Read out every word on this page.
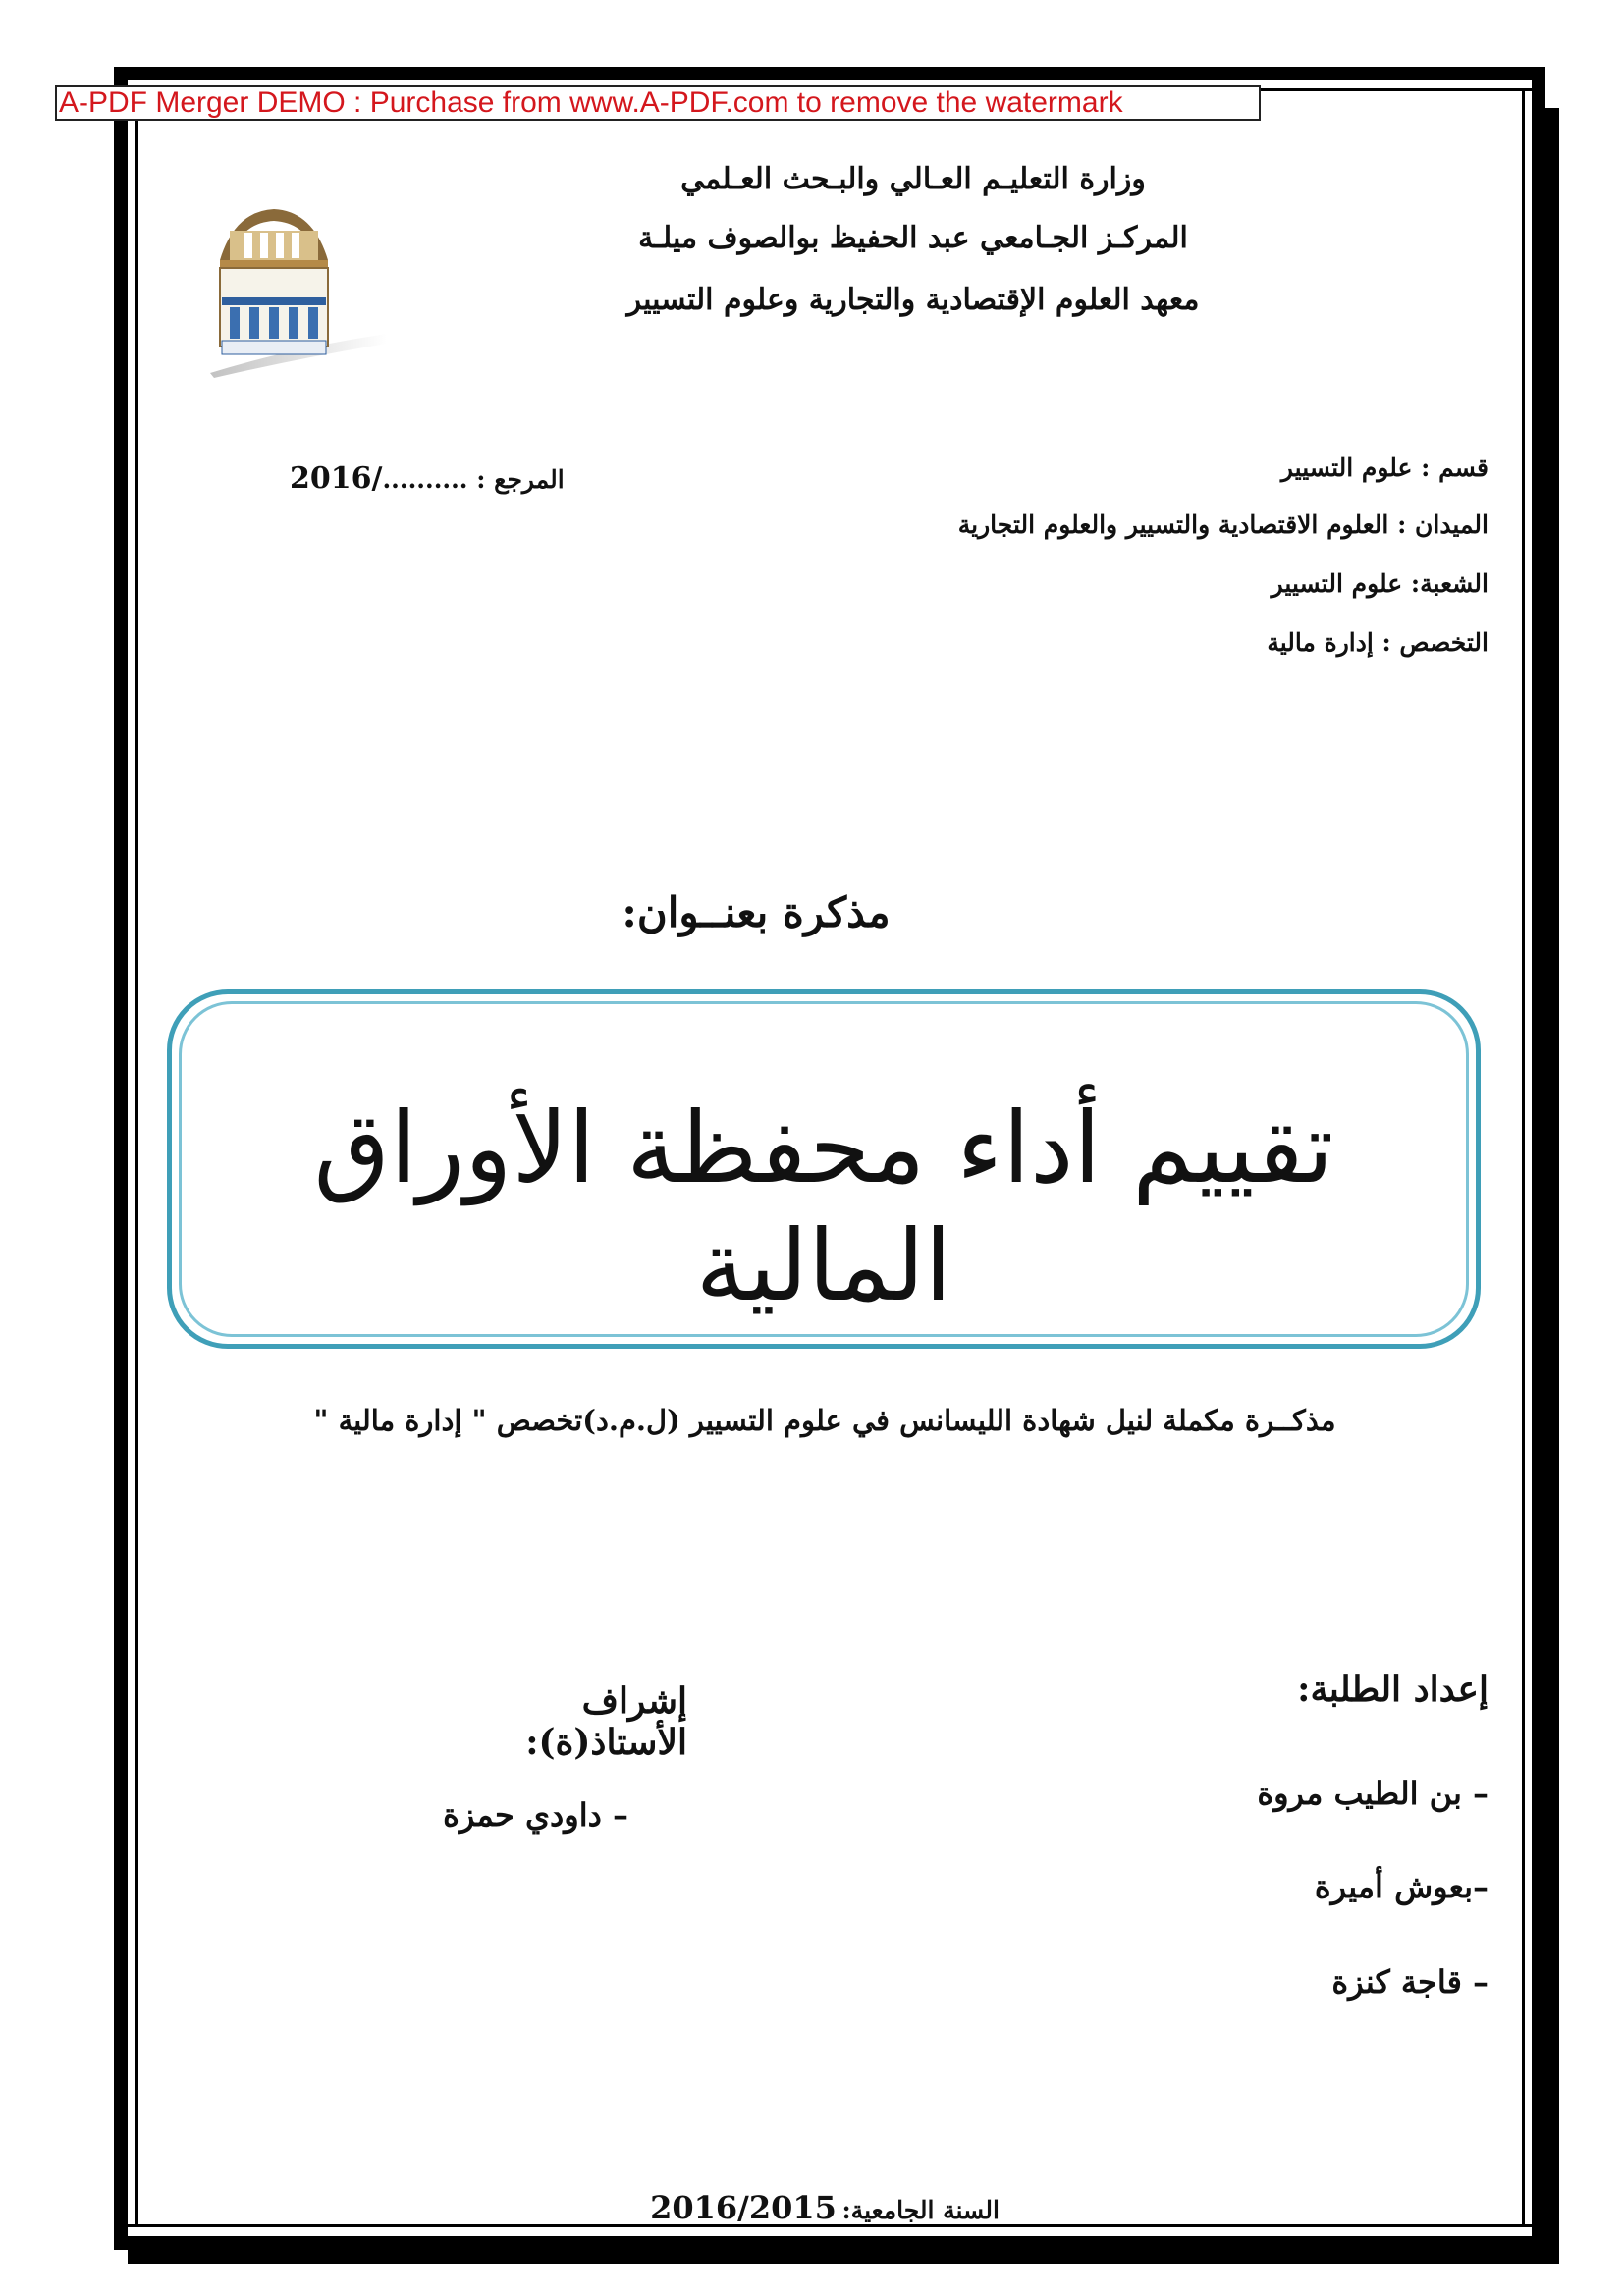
A-PDF Merger DEMO : Purchase from www.A-PDF.com to remove the watermark
وزارة التعليـم العـالي والبـحث العـلمي
المركـز الجـامعي عبد الحفيظ بوالصوف ميلـة
معهد العلوم الإقتصادية والتجارية وعلوم التسيير
قسم : علوم التسيير
الميدان : العلوم الاقتصادية والتسيير والعلوم التجارية
الشعبة: علوم التسيير
التخصص : إدارة مالية
المرجع : ........../2016
مذكرة بعنــوان:
تقييم أداء محفظة الأوراق المالية
مذكــرة مكملة لنيل شهادة الليسانس في علوم التسيير (ل.م.د)تخصص " إدارة مالية "
إعداد الطلبة:
– بن الطيب مروة
–بعوش أميرة
– قاجة كنزة
إشراف الأستاذ(ة):
– داودي حمزة
السنة الجامعية: 2016/2015
